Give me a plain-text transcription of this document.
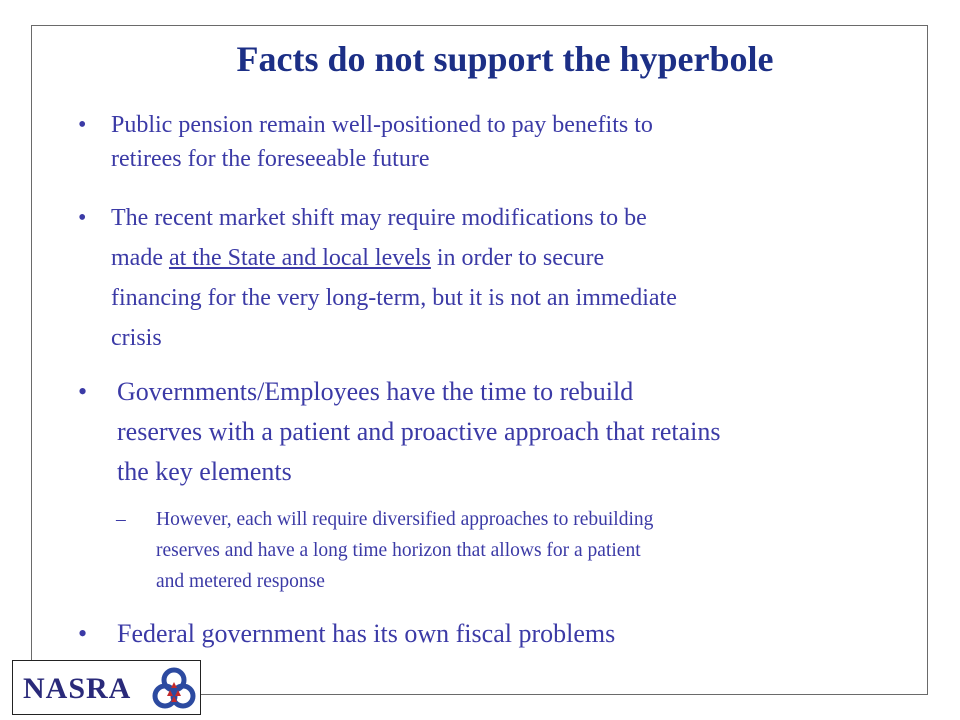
Facts do not support the hyperbole
• Public pension remain well-positioned to pay benefits to
retirees for the foreseeable future
• The recent market shift may require modifications to be
made at the State and local levels in order to secure
financing for the very long-term, but it is not an immediate
crisis
• Governments/Employees have the time to rebuild
reserves with a patient and proactive approach that retains
the key elements
– However, each will require diversified approaches to rebuilding
reserves and have a long time horizon that allows for a patient
and metered response
• Federal government has its own fiscal problems
NASRA
